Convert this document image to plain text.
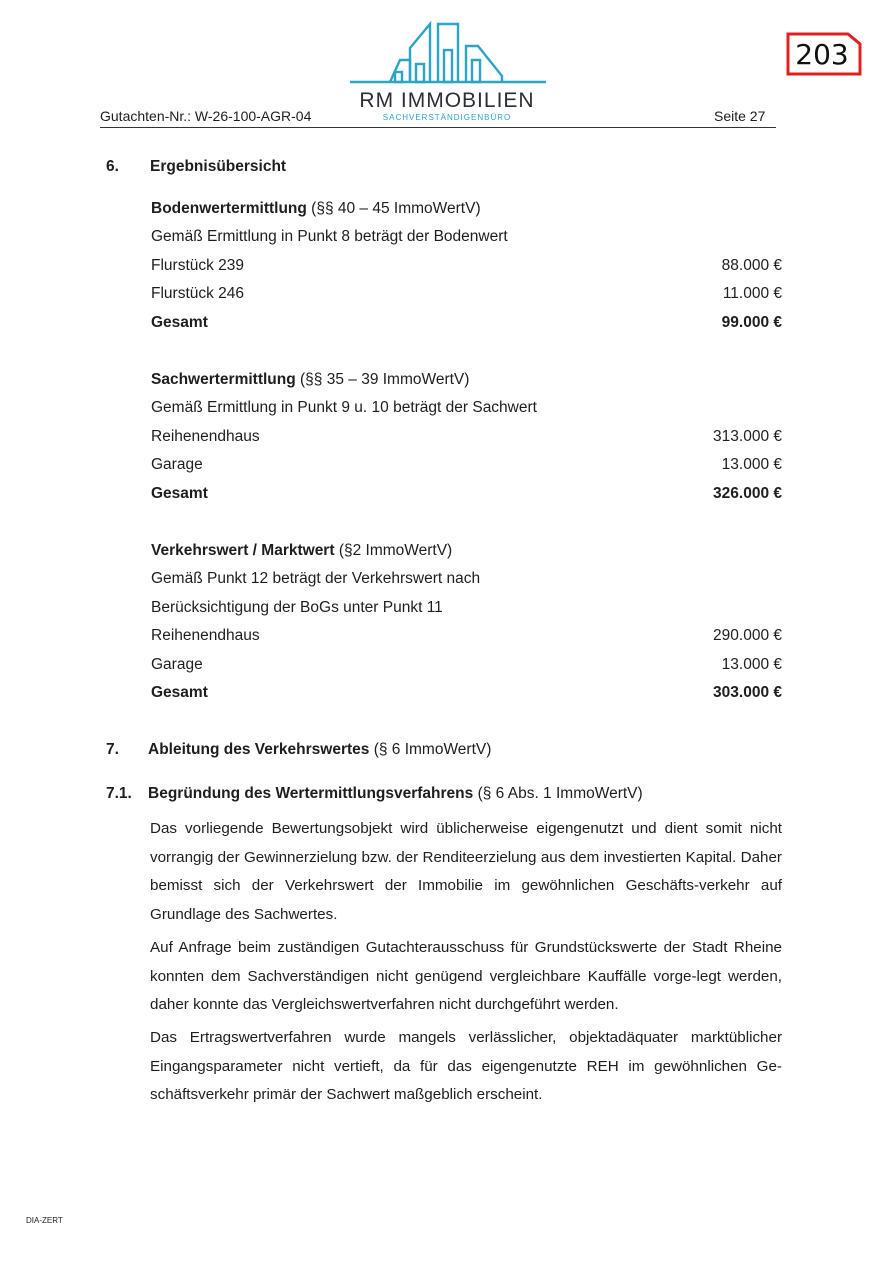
Gutachten-Nr.: W-26-100-AGR-04	Seite 27
RM IMMOBILIEN
SACHVERSTÄNDIGENBÜRO
203
6. Ergebnisübersicht
Bodenwertermittlung (§§ 40 – 45 ImmoWertV)
Gemäß Ermittlung in Punkt 8 beträgt der Bodenwert
Flurstück 239	88.000 €
Flurstück 246	11.000 €
Gesamt	99.000 €
Sachwertermittlung (§§ 35 – 39 ImmoWertV)
Gemäß Ermittlung in Punkt 9 u. 10 beträgt der Sachwert
Reihenendhaus	313.000 €
Garage	13.000 €
Gesamt	326.000 €
Verkehrswert / Marktwert (§2 ImmoWertV)
Gemäß Punkt 12 beträgt der Verkehrswert nach
Berücksichtigung der BoGs unter Punkt 11
Reihenendhaus	290.000 €
Garage	13.000 €
Gesamt	303.000 €
7. Ableitung des Verkehrswertes (§ 6 ImmoWertV)
7.1. Begründung des Wertermittlungsverfahrens (§ 6 Abs. 1 ImmoWertV)
Das vorliegende Bewertungsobjekt wird üblicherweise eigengenutzt und dient somit nicht vorrangig der Gewinnerzielung bzw. der Renditeerzielung aus dem investierten Kapital. Daher bemisst sich der Verkehrswert der Immobilie im gewöhnlichen Geschäfts-verkehr auf Grundlage des Sachwertes.
Auf Anfrage beim zuständigen Gutachterausschuss für Grundstückswerte der Stadt Rheine konnten dem Sachverständigen nicht genügend vergleichbare Kauffälle vorge-legt werden, daher konnte das Vergleichswertverfahren nicht durchgeführt werden.
Das Ertragswertverfahren wurde mangels verlässlicher, objektadäquater marktüblicher Eingangsparameter nicht vertieft, da für das eigengenutzte REH im gewöhnlichen Ge-schäftsverkehr primär der Sachwert maßgeblich erscheint.
DIA-ZERT
